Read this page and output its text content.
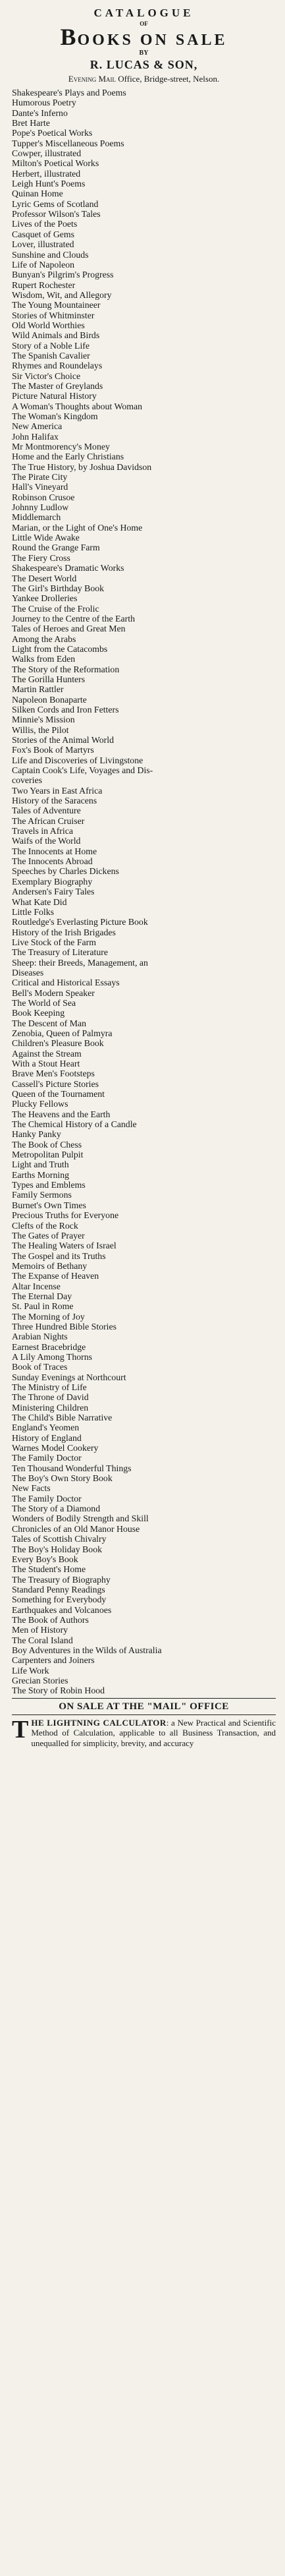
CATALOGUE
OF
BOOKS ON SALE
BY
R. LUCAS & SON,
Evening Mail Office, Bridge-street, Nelson.
Shakespeare's Plays and Poems
Humorous Poetry
Dante's Inferno
Bret Harte
Pope's Poetical Works
Tupper's Miscellaneous Poems
Cowper, illustrated
Milton's Poetical Works
Herbert, illustrated
Leigh Hunt's Poems
Quinan Home
Lyric Gems of Scotland
Professor Wilson's Tales
Lives of the Poets
Casquet of Gems
Lover, illustrated
Sunshine and Clouds
Life of Napoleon
Bunyan's Pilgrim's Progress
Rupert Rochester
Wisdom, Wit, and Allegory
The Young Mountaineer
Stories of Whitminster
Old World Worthies
Wild Animals and Birds
Story of a Noble Life
The Spanish Cavalier
Rhymes and Roundelays
Sir Victor's Choice
The Master of Greylands
Picture Natural History
A Woman's Thoughts about Woman
The Woman's Kingdom
New America
John Halifax
Mr Montmorency's Money
Home and the Early Christians
The True History, by Joshua Davidson
The Pirate City
Hall's Vineyard
Robinson Crusoe
Johnny Ludlow
Middlemarch
Marian, or the Light of One's Home
Little Wide Awake
Round the Grange Farm
The Fiery Cross
Shakespeare's Dramatic Works
The Desert World
The Girl's Birthday Book
Yankee Drolleries
The Cruise of the Frolic
Journey to the Centre of the Earth
Tales of Heroes and Great Men
Among the Arabs
Light from the Catacombs
Walks from Eden
The Story of the Reformation
The Gorilla Hunters
Martin Rattler
Napoleon Bonaparte
Silken Cords and Iron Fetters
Minnie's Mission
Willis, the Pilot
Stories of the Animal World
Fox's Book of Martyrs
Life and Discoveries of Livingstone
Captain Cook's Life, Voyages and Dis-
coveries
Two Years in East Africa
History of the Saracens
Tales of Adventure
The African Cruiser
Travels in Africa
Waifs of the World
The Innocents at Home
The Innocents Abroad
Speeches by Charles Dickens
Exemplary Biography
Andersen's Fairy Tales
What Kate Did
Little Folks
Routledge's Everlasting Picture Book
History of the Irish Brigades
Live Stock of the Farm
The Treasury of Literature
Sheep: their Breeds, Management, an
Diseases
Critical and Historical Essays
Bell's Modern Speaker
The World of Sea
Book Keeping
The Descent of Man
Zenobia, Queen of Palmyra
Children's Pleasure Book
Against the Stream
With a Stout Heart
Brave Men's Footsteps
Cassell's Picture Stories
Queen of the Tournament
Plucky Fellows
The Heavens and the Earth
The Chemical History of a Candle
Hanky Panky
The Book of Chess
Metropolitan Pulpit
Light and Truth
Earths Morning
Types and Emblems
Family Sermons
Burnet's Own Times
Precious Truths for Everyone
Clefts of the Rock
The Gates of Prayer
The Healing Waters of Israel
The Gospel and its Truths
Memoirs of Bethany
The Expanse of Heaven
Altar Incense
The Eternal Day
St. Paul in Rome
The Morning of Joy
Three Hundred Bible Stories
Arabian Nights
Earnest Bracebridge
A Lily Among Thorns
Book of Traces
Sunday Evenings at Northcourt
The Ministry of Life
The Throne of David
Ministering Children
The Child's Bible Narrative
England's Yeomen
History of England
Warnes Model Cookery
The Family Doctor
Ten Thousand Wonderful Things
The Boy's Own Story Book
New Facts
The Family Doctor
The Story of a Diamond
Wonders of Bodily Strength and Skill
Chronicles of an Old Manor House
Tales of Scottish Chivalry
The Boy's Holiday Book
Every Boy's Book
The Student's Home
The Treasury of Biography
Standard Penny Readings
Something for Everybody
Earthquakes and Volcanoes
The Book of Authors
Men of History
The Coral Island
Boy Adventures in the Wilds of Australia
Carpenters and Joiners
Life Work
Grecian Stories
The Story of Robin Hood
ON SALE AT THE "MAIL" OFFICE
THE LIGHTNING CALCULATOR: a New Practical and Scientific Method of Calculation, applicable to all Business Transaction, and unequalled for simplicity, brevity, and accuracy
